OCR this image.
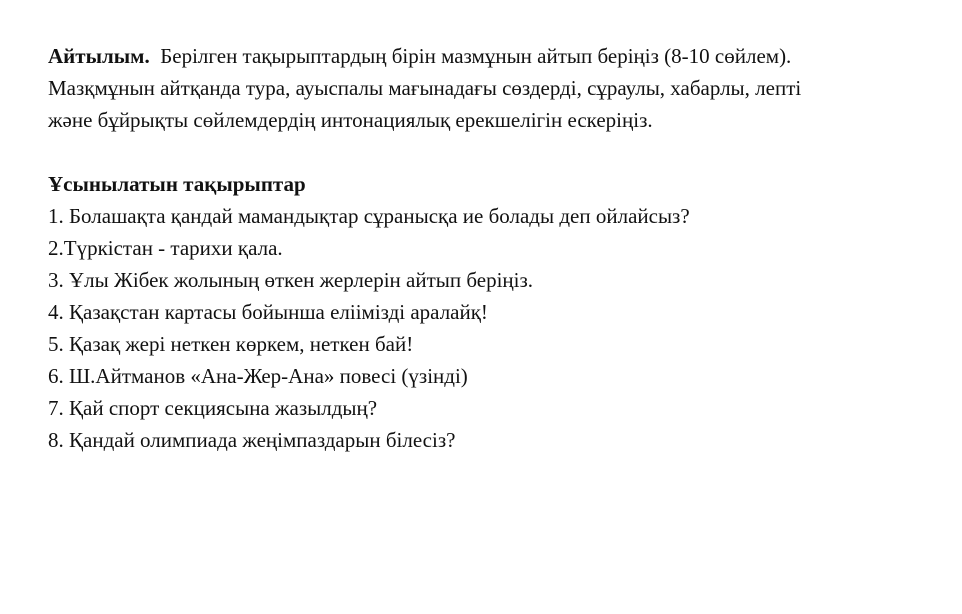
Айтылым. Берілген тақырыптардың бірін мазмұнын айтып беріңіз (8-10 сөйлем).
Мазқмұнын айтқанда тура, ауыспалы мағынадағы сөздерді, сұраулы, хабарлы, лепті
және бұйрықты сөйлемдердің интонациялық ерекшелігін ескеріңіз.
Ұсынылатын тақырыптар
1. Болашақта қандай мамандықтар сұранысқа ие болады деп ойлайсыз?
2.Түркістан - тарихи қала.
3. Ұлы Жібек жолының өткен жерлерін айтып беріңіз.
4. Қазақстан картасы бойынша еліімізді аралайқ!
5. Қазақ жері неткен көркем, неткен бай!
6. Ш.Айтманов «Ана-Жер-Ана» повесі (үзінді)
7. Қай спорт секциясына жазылдың?
8. Қандай олимпиада жеңімпаздарын білесіз?
